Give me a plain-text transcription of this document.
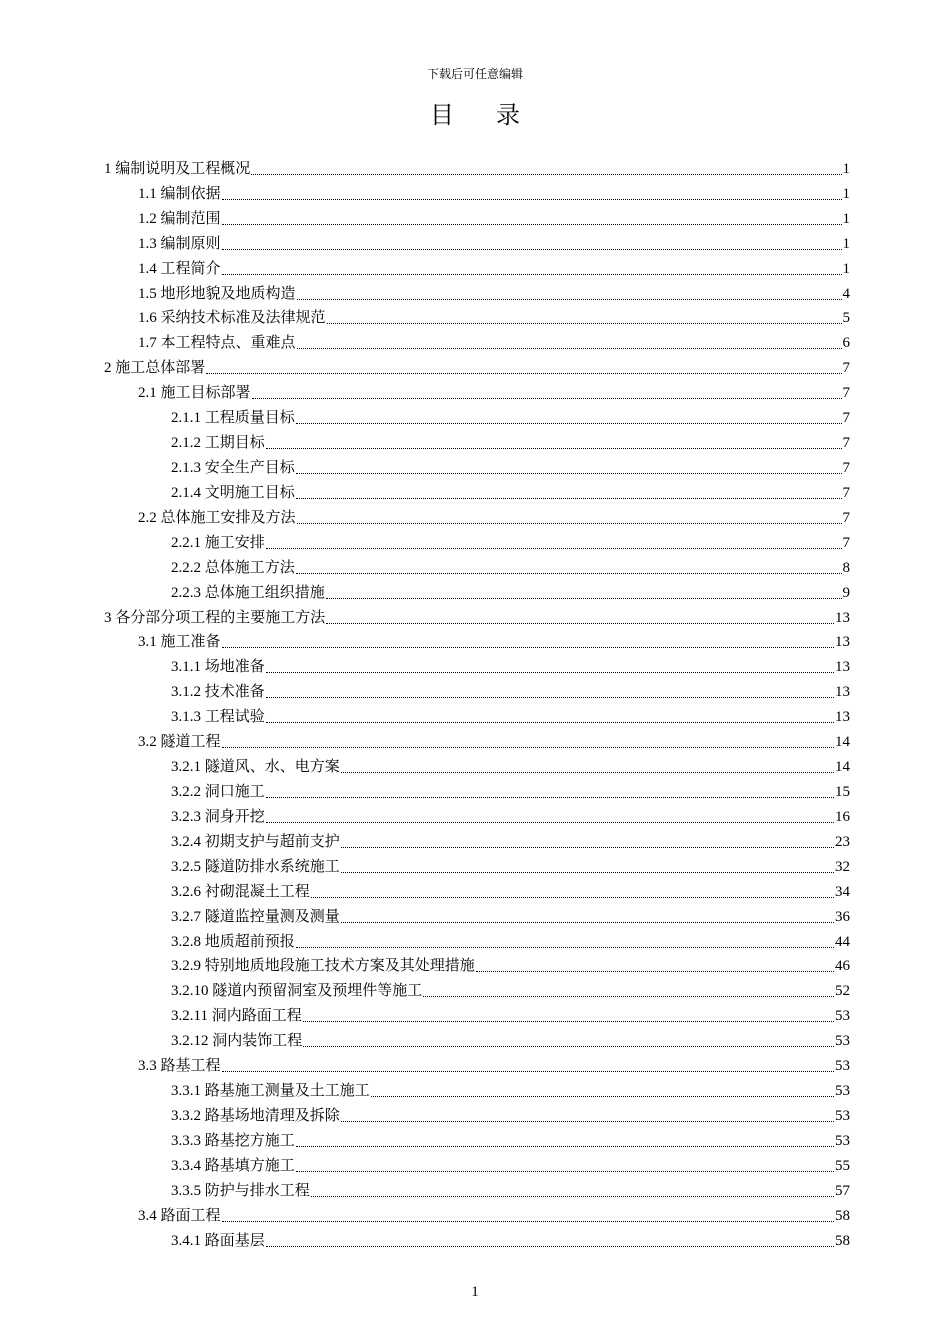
下载后可任意编辑
目 录
1 编制说明及工程概况	1
1.1 编制依据	1
1.2 编制范围	1
1.3 编制原则	1
1.4 工程简介	1
1.5 地形地貌及地质构造	4
1.6 采纳技术标准及法律规范	5
1.7 本工程特点、重难点	6
2 施工总体部署	7
2.1 施工目标部署	7
2.1.1 工程质量目标	7
2.1.2 工期目标	7
2.1.3 安全生产目标	7
2.1.4 文明施工目标	7
2.2 总体施工安排及方法	7
2.2.1 施工安排	7
2.2.2 总体施工方法	8
2.2.3 总体施工组织措施	9
3 各分部分项工程的主要施工方法	13
3.1 施工准备	13
3.1.1 场地准备	13
3.1.2 技术准备	13
3.1.3 工程试验	13
3.2 隧道工程	14
3.2.1 隧道风、水、电方案	14
3.2.2 洞口施工	15
3.2.3 洞身开挖	16
3.2.4 初期支护与超前支护	23
3.2.5 隧道防排水系统施工	32
3.2.6 衬砌混凝土工程	34
3.2.7 隧道监控量测及测量	36
3.2.8 地质超前预报	44
3.2.9 特别地质地段施工技术方案及其处理措施	46
3.2.10 隧道内预留洞室及预埋件等施工	52
3.2.11 洞内路面工程	53
3.2.12 洞内装饰工程	53
3.3 路基工程	53
3.3.1 路基施工测量及土工施工	53
3.3.2 路基场地清理及拆除	53
3.3.3 路基挖方施工	53
3.3.4 路基填方施工	55
3.3.5 防护与排水工程	57
3.4 路面工程	58
3.4.1 路面基层	58
1
